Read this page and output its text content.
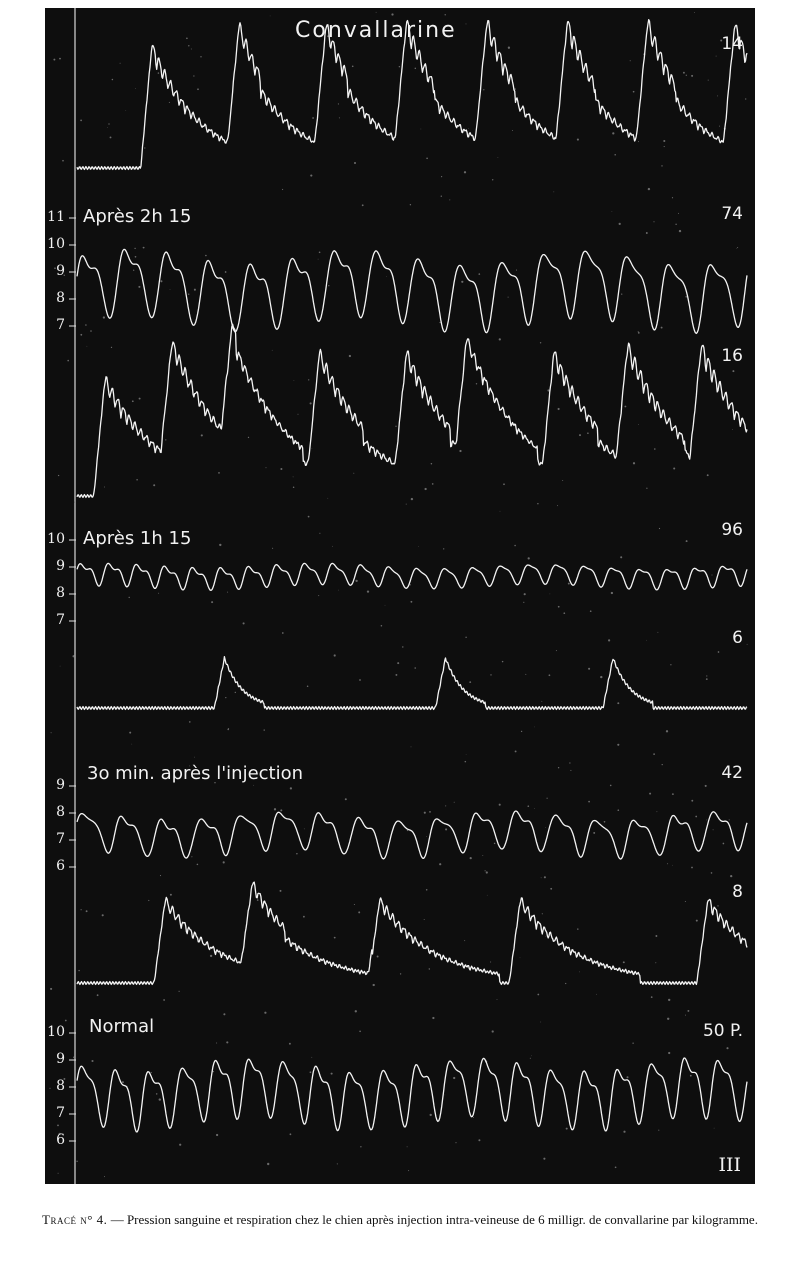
Convallarine
14
74
16
96
6
42
8
50 P.
Après 2h 15
Après 1h 15
3o min. après l'injection
Normal
11
10
9
8
7
10
9
8
7
9
8
7
6
10
9
8
7
6
III
Tracé n° 4. — Pression sanguine et respiration chez le chien après injection intra-veineuse de 6 milligr. de convallarine par kilogramme.
